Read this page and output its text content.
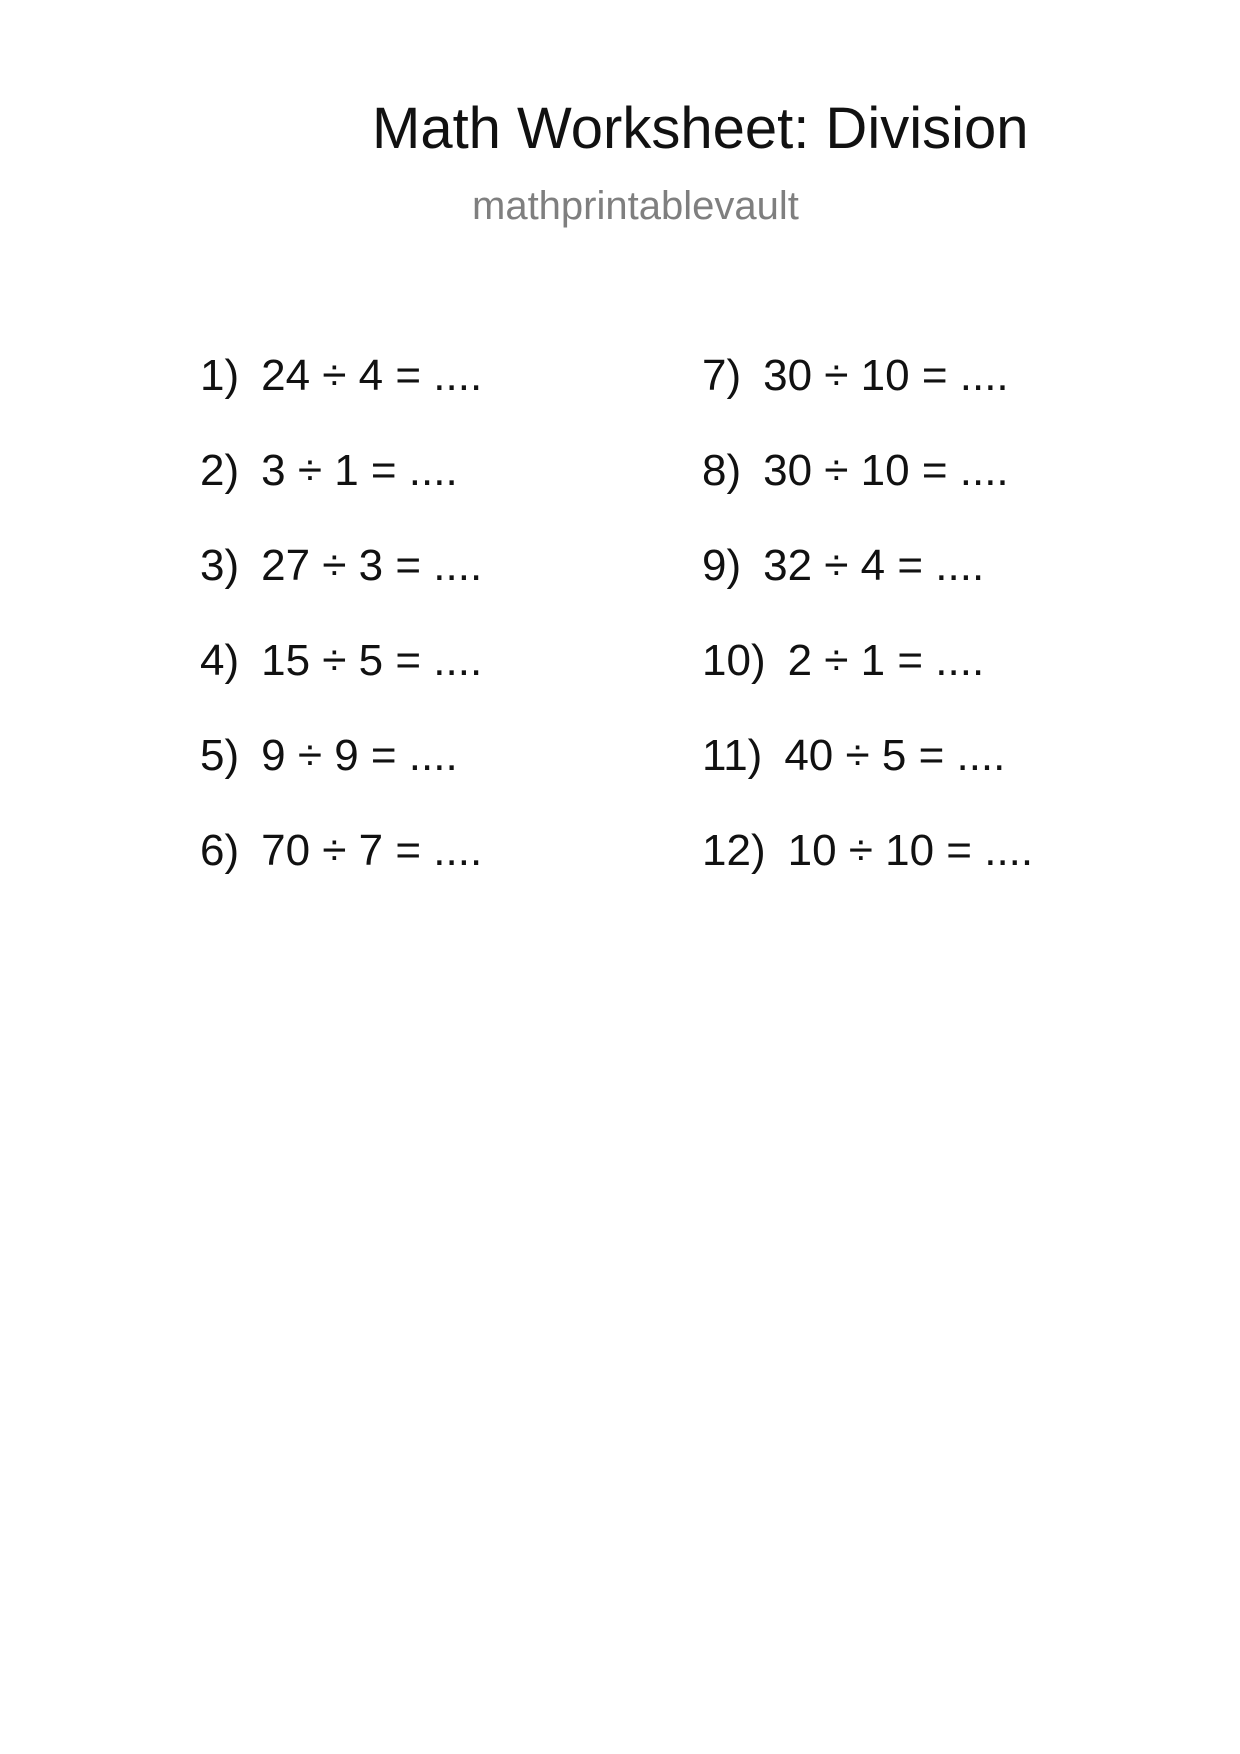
Math Worksheet: Division
mathprintablevault
1) 24 ÷ 4 = ....
2) 3 ÷ 1 = ....
3) 27 ÷ 3 = ....
4) 15 ÷ 5 = ....
5) 9 ÷ 9 = ....
6) 70 ÷ 7 = ....
7) 30 ÷ 10 = ....
8) 30 ÷ 10 = ....
9) 32 ÷ 4 = ....
10) 2 ÷ 1 = ....
11) 40 ÷ 5 = ....
12) 10 ÷ 10 = ....
